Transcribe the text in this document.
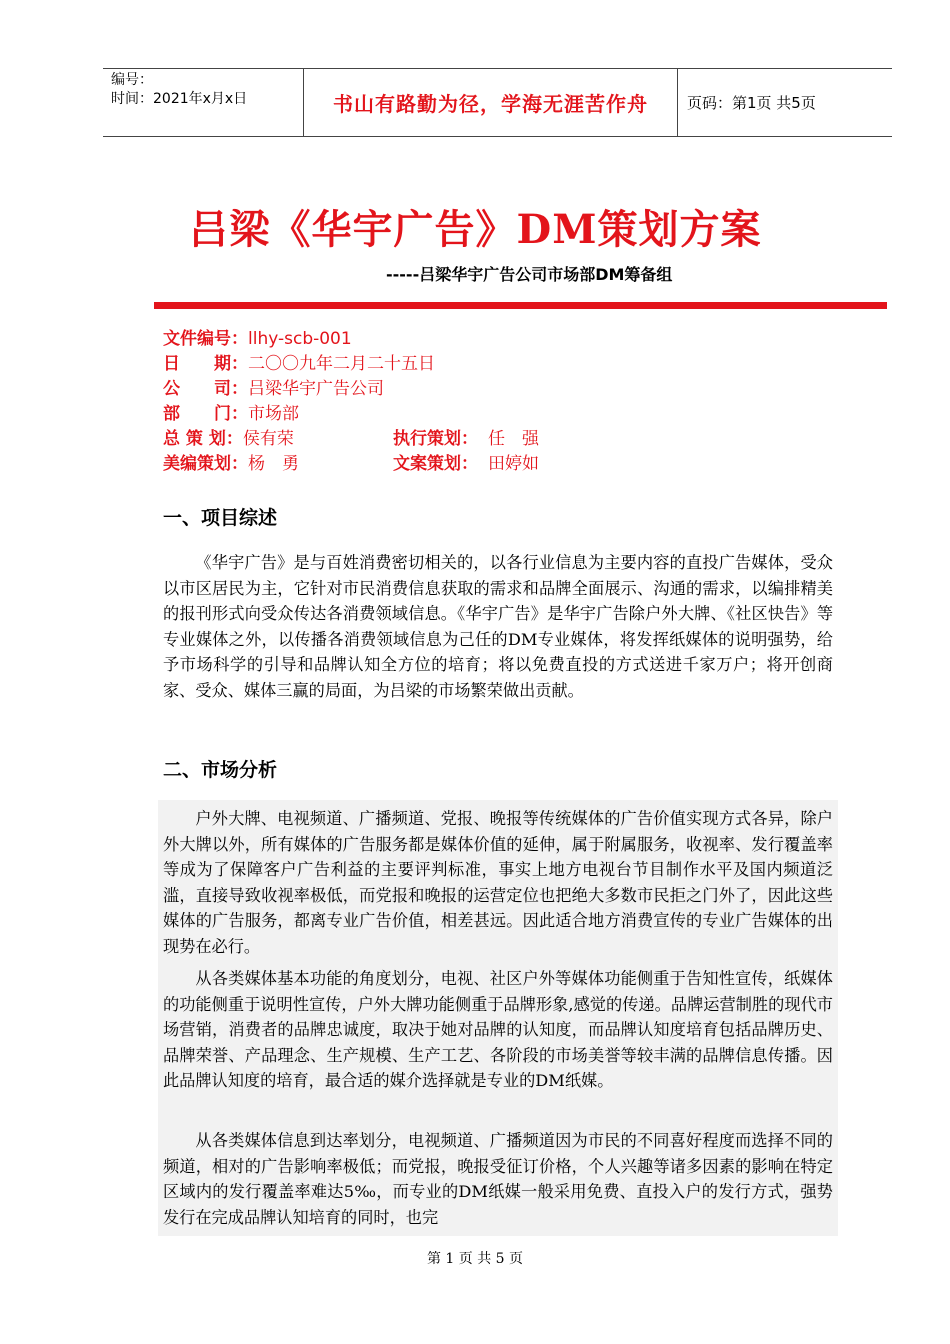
编号：
时间：2021年x月x日	书山有路勤为径，学海无涯苦作舟	页码：第1页 共5页
吕梁《华宇广告》DM策划方案
-----吕梁华宇广告公司市场部DM筹备组
文件编号：llhy-scb-001
日　　期：二〇〇九年二月二十五日
公　　司：吕梁华宇广告公司
部　　门：市场部
总 策 划：侯有荣	执行策划： 任　强
美编策划：杨　勇	文案策划： 田婷如
一、项目综述
《华宇广告》是与百姓消费密切相关的，以各行业信息为主要内容的直投广告媒体，受众以市区居民为主，它针对市民消费信息获取的需求和品牌全面展示、沟通的需求，以编排精美的报刊形式向受众传达各消费领域信息。《华宇广告》是华宇广告除户外大牌、《社区快告》等专业媒体之外，以传播各消费领域信息为己任的DM专业媒体，将发挥纸媒体的说明强势，给予市场科学的引导和品牌认知全方位的培育；将以免费直投的方式送进千家万户；将开创商家、受众、媒体三赢的局面，为吕梁的市场繁荣做出贡献。
二、市场分析
户外大牌、电视频道、广播频道、党报、晚报等传统媒体的广告价值实现方式各异，除户外大牌以外，所有媒体的广告服务都是媒体价值的延伸，属于附属服务，收视率、发行覆盖率等成为了保障客户广告利益的主要评判标准，事实上地方电视台节目制作水平及国内频道泛滥，直接导致收视率极低，而党报和晚报的运营定位也把绝大多数市民拒之门外了，因此这些媒体的广告服务，都离专业广告价值，相差甚远。因此适合地方消费宣传的专业广告媒体的出现势在必行。
从各类媒体基本功能的角度划分，电视、社区户外等媒体功能侧重于告知性宣传，纸媒体的功能侧重于说明性宣传，户外大牌功能侧重于品牌形象,感觉的传递。品牌运营制胜的现代市场营销，消费者的品牌忠诚度，取决于她对品牌的认知度，而品牌认知度培育包括品牌历史、品牌荣誉、产品理念、生产规模、生产工艺、各阶段的市场美誉等较丰满的品牌信息传播。因此品牌认知度的培育，最合适的媒介选择就是专业的DM纸媒。
从各类媒体信息到达率划分，电视频道、广播频道因为市民的不同喜好程度而选择不同的频道，相对的广告影响率极低；而党报，晚报受征订价格，个人兴趣等诸多因素的影响在特定区域内的发行覆盖率难达5‰，而专业的DM纸媒一般采用免费、直投入户的发行方式，强势发行在完成品牌认知培育的同时，也完
第 1 页 共 5 页
